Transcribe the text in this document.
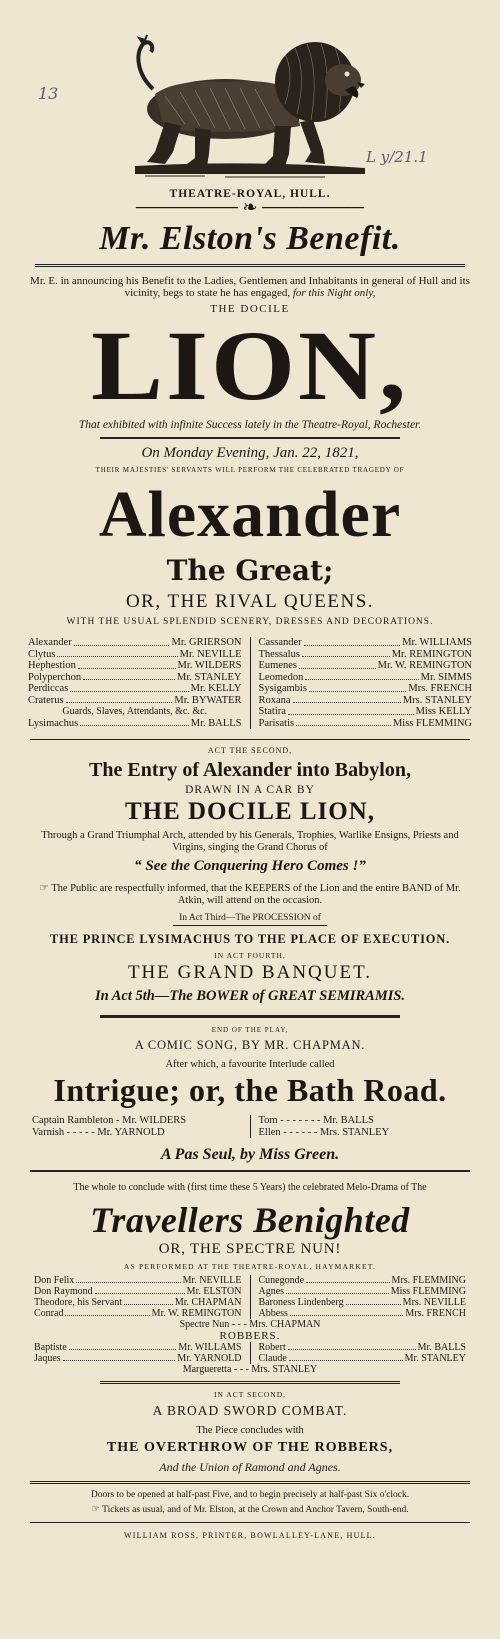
13
L y/21.1
THEATRE-ROYAL, HULL.
──────── ❧ ────────
Mr. Elston's Benefit.
Mr. E. in announcing his Benefit to the Ladies, Gentlemen and Inhabitants in general of Hull and its vicinity, begs to state he has engaged, for this Night only,
THE DOCILE
LION,
That exhibited with infinite Success lately in the Theatre-Royal, Rochester.
On Monday Evening, Jan. 22, 1821,
THEIR MAJESTIES' SERVANTS WILL PERFORM THE CELEBRATED TRAGEDY OF
Alexander
The Great;
OR, THE RIVAL QUEENS.
WITH THE USUAL SPLENDID SCENERY, DRESSES AND DECORATIONS.
Alexander	Mr. GRIERSON
Clytus	Mr. NEVILLE
Hephestion	Mr. WILDERS
Polyperchon	Mr. STANLEY
Perdiccas	Mr. KELLY
Craterus	Mr. BYWATER
Guards, Slaves, Attendants, &c. &c.
Lysimachus	Mr. BALLS
Cassander	Mr. WILLIAMS
Thessalus	Mr. REMINGTON
Eumenes	Mr. W. REMINGTON
Leomedon	Mr. SIMMS
Sysigambis	Mrs. FRENCH
Roxana	Mrs. STANLEY
Statira	Miss KELLY
Parisatis	Miss FLEMMING
ACT THE SECOND,
The Entry of Alexander into Babylon,
DRAWN IN A CAR BY
THE DOCILE LION,
Through a Grand Triumphal Arch, attended by his Generals, Trophies, Warlike Ensigns, Priests and Virgins, singing the Grand Chorus of
“ See the Conquering Hero Comes !”
☞ The Public are respectfully informed, that the KEEPERS of the Lion and the entire BAND of Mr. Atkin, will attend on the occasion.
In Act Third—The PROCESSION of
THE PRINCE LYSIMACHUS TO THE PLACE OF EXECUTION.
IN ACT FOURTH,
THE GRAND BANQUET.
In Act 5th—The BOWER of GREAT SEMIRAMIS.
END OF THE PLAY,
A COMIC SONG, BY MR. CHAPMAN.
After which, a favourite Interlude called
Intrigue; or, the Bath Road.
Captain Rambleton - Mr. WILDERS
Varnish - - - - - Mr. YARNOLD
Tom - - - - - - - Mr. BALLS
Ellen - - - - - - Mrs. STANLEY
A Pas Seul, by Miss Green.
The whole to conclude with (first time these 5 Years) the celebrated Melo-Drama of The
Travellers Benighted
OR, THE SPECTRE NUN!
AS PERFORMED AT THE THEATRE-ROYAL, HAYMARKET.
Don Felix	Mr. NEVILLE
Don Raymond	Mr. ELSTON
Theodore, his Servant	Mr. CHAPMAN
Conrad	Mr. W. REMINGTON
Cunegonde	Mrs. FLEMMING
Agnes	Miss FLEMMING
Baroness Lindenberg	Mrs. NEVILLE
Abbess	Mrs. FRENCH
Spectre Nun - - - Mrs. CHAPMAN
ROBBERS.
Baptiste	Mr. WILLAMS
Jaques	Mr. YARNOLD
Robert	Mr. BALLS
Claude	Mr. STANLEY
Margueretta - - - Mrs. STANLEY
IN ACT SECOND,
A BROAD SWORD COMBAT.
The Piece concludes with
THE OVERTHROW OF THE ROBBERS,
And the Union of Ramond and Agnes.
Doors to be opened at half-past Five, and to begin precisely at half-past Six o'clock.
☞ Tickets as usual, and of Mr. Elston, at the Crown and Anchor Tavern, South-end.
WILLIAM ROSS, PRINTER, BOWLALLEY-LANE, HULL.
